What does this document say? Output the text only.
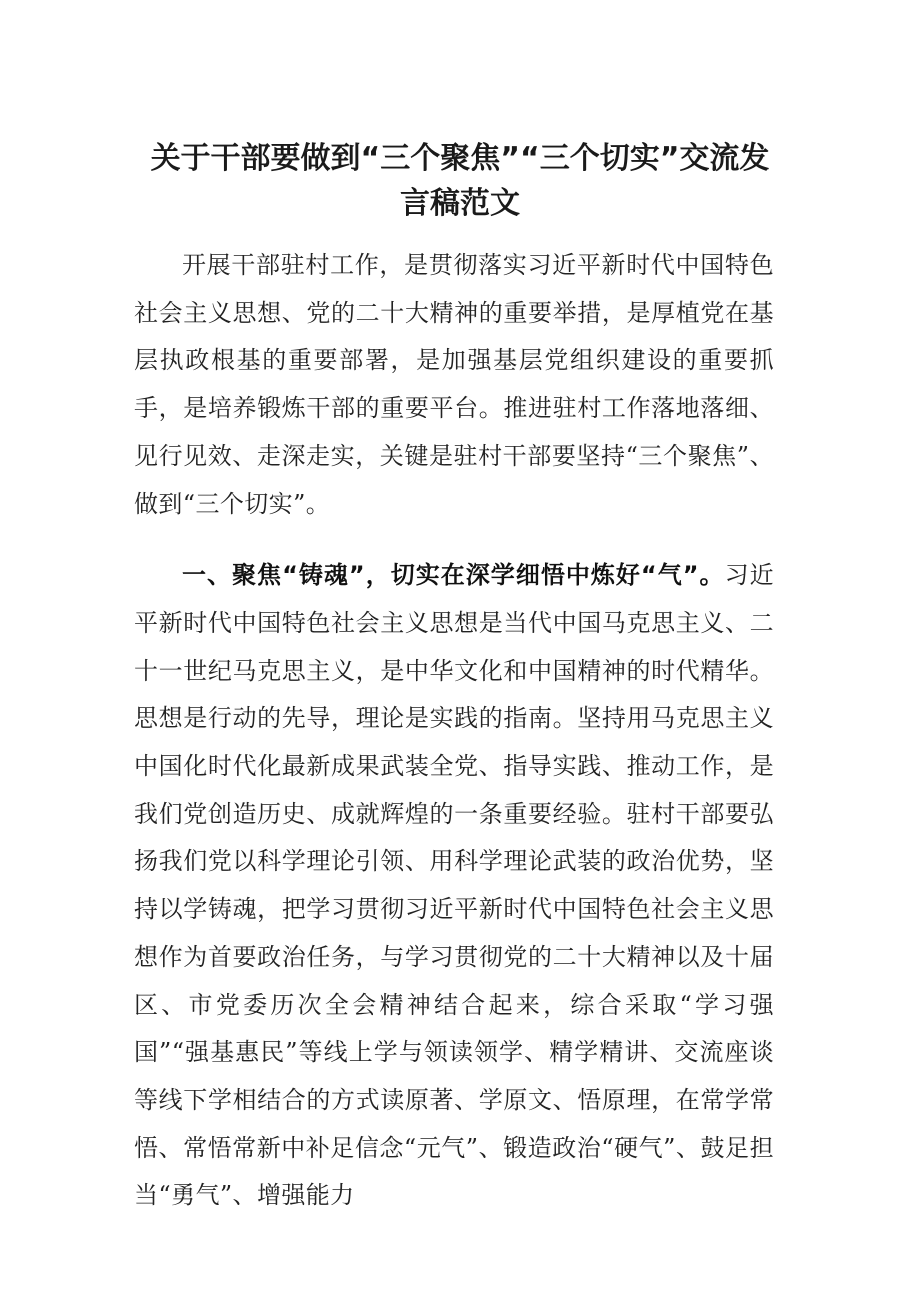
关于干部要做到“三个聚焦”“三个切实”交流发
言稿范文

开展干部驻村工作，是贯彻落实习近平新时代中国特色社会主义思想、党的二十大精神的重要举措，是厚植党在基层执政根基的重要部署，是加强基层党组织建设的重要抓手，是培养锻炼干部的重要平台。推进驻村工作落地落细、见行见效、走深走实，关键是驻村干部要坚持“三个聚焦”、做到“三个切实”。

一、聚焦“铸魂”，切实在深学细悟中炼好“气”。习近平新时代中国特色社会主义思想是当代中国马克思主义、二十一世纪马克思主义，是中华文化和中国精神的时代精华。思想是行动的先导，理论是实践的指南。坚持用马克思主义中国化时代化最新成果武装全党、指导实践、推动工作，是我们党创造历史、成就辉煌的一条重要经验。驻村干部要弘扬我们党以科学理论引领、用科学理论武装的政治优势，坚持以学铸魂，把学习贯彻习近平新时代中国特色社会主义思想作为首要政治任务，与学习贯彻党的二十大精神以及十届区、市党委历次全会精神结合起来，综合采取“学习强国”“强基惠民”等线上学与领读领学、精学精讲、交流座谈等线下学相结合的方式读原著、学原文、悟原理，在常学常悟、常悟常新中补足信念“元气”、锻造政治“硬气”、鼓足担当“勇气”、增强能力
